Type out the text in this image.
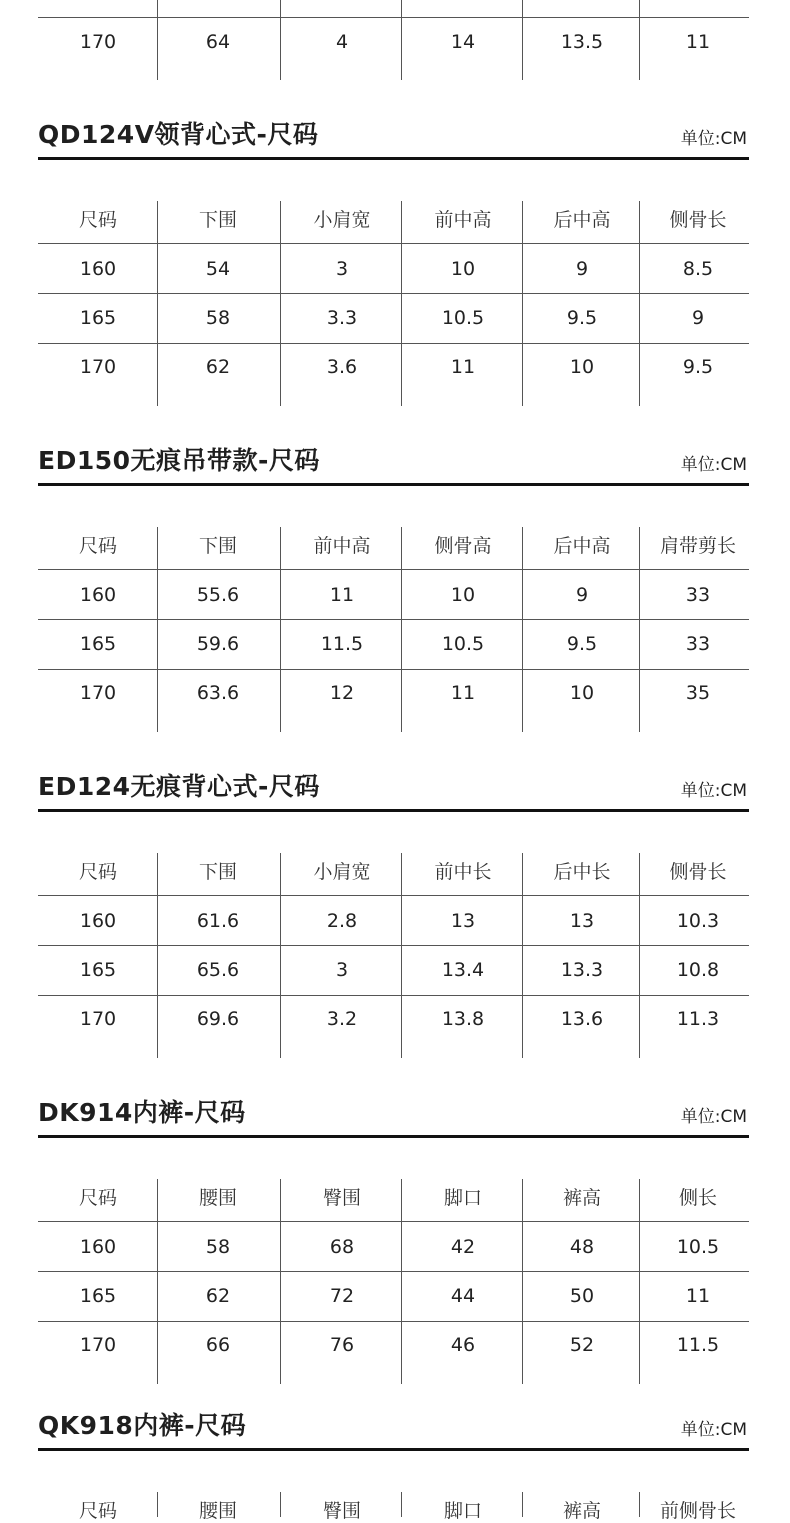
170	64	4	14	13.5	11
QD124V领背心式-尺码	单位:CM
尺码	下围	小肩宽	前中高	后中高	侧骨长
160	54	3	10	9	8.5
165	58	3.3	10.5	9.5	9
170	62	3.6	11	10	9.5
ED150无痕吊带款-尺码	单位:CM
尺码	下围	前中高	侧骨高	后中高	肩带剪长
160	55.6	11	10	9	33
165	59.6	11.5	10.5	9.5	33
170	63.6	12	11	10	35
ED124无痕背心式-尺码	单位:CM
尺码	下围	小肩宽	前中长	后中长	侧骨长
160	61.6	2.8	13	13	10.3
165	65.6	3	13.4	13.3	10.8
170	69.6	3.2	13.8	13.6	11.3
DK914内裤-尺码	单位:CM
尺码	腰围	臀围	脚口	裤高	侧长
160	58	68	42	48	10.5
165	62	72	44	50	11
170	66	76	46	52	11.5
QK918内裤-尺码	单位:CM
尺码	腰围	臀围	脚口	裤高	前侧骨长
